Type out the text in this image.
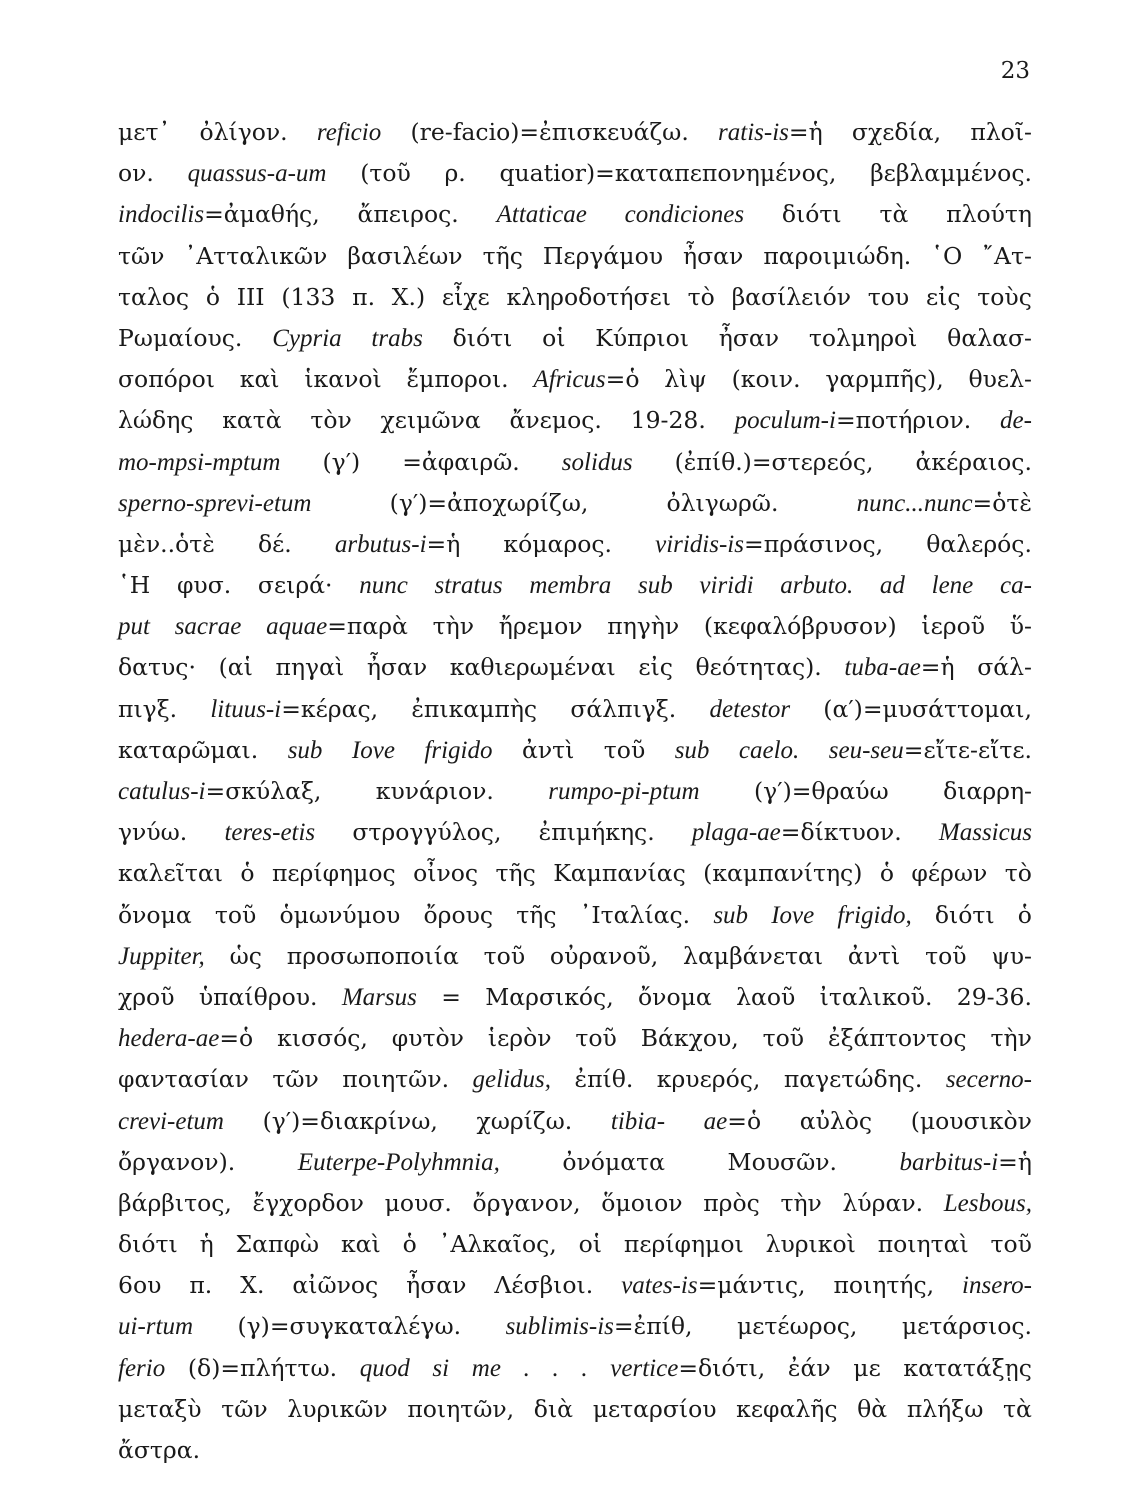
23
μετ᾿ ὀλίγον. reficio (re-facio)=ἐπισκευάζω. ratis-is=ἡ σχεδία, πλοῖ-
ον. quassus-a-um (τοῦ ρ. quatior)=καταπεπονημένος, βεβλαμμένος.
indocilis=ἀμαθής, ἄπειρος. Attaticae condiciones διότι τὰ πλούτη
τῶν ᾿Ατταλικῶν βασιλέων τῆς Περγάμου ἦσαν παροιμιώδη. ῾Ο ῎Ατ-
ταλος ὁ III (133 π. Χ.) εἶχε κληροδοτήσει τὸ βασίλειόν του εἰς τοὺς
Ρωμαίους. Cypria trabs διότι οἱ Κύπριοι ἦσαν τολμηροὶ θαλασ-
σοπόροι καὶ ἱκανοὶ ἔμποροι. Africus=ὁ λὶψ (κοιν. γαρμπῆς), θυελ-
λώδης κατὰ τὸν χειμῶνα ἄνεμος. 19-28. poculum-i=ποτήριον. de-
mo-mpsi-mptum (γ′) =ἀφαιρῶ. solidus (ἐπίθ.)=στερεός, ἀκέραιος.
sperno-sprevi-etum	(γ′)=ἀποχωρίζω,	ὀλιγωρῶ.	nunc...nunc=ὁτὲ
μὲν..ὁτὲ δέ. arbutus-i=ἡ κόμαρος. viridis-is=πράσινος, θαλερός.
῾Η φυσ. σειρά· nunc stratus membra sub viridi arbuto. ad lene ca-
put sacrae aquae=παρὰ τὴν ἤρεμον πηγὴν (κεφαλόβρυσον) ἱεροῦ ὕ-
δατυς· (αἱ πηγαὶ ἦσαν καθιερωμέναι εἰς θεότητας). tuba-ae=ἡ σάλ-
πιγξ. lituus-i=κέρας, ἐπικαμπὴς σάλπιγξ. detestor (α′)=μυσάττομαι,
καταρῶμαι. sub Iove frigido ἀντὶ τοῦ sub caelo. seu-seu=εἴτε-εἴτε.
catulus-i=σκύλαξ, κυνάριον. rumpo-pi-ptum (γ′)=θραύω διαρρη-
γνύω. teres-etis στρογγύλος, ἐπιμήκης. plaga-ae=δίκτυον. Massicus
καλεῖται ὁ περίφημος οἶνος τῆς Καμπανίας (καμπανίτης) ὁ φέρων τὸ
ὄνομα τοῦ ὁμωνύμου ὄρους τῆς ᾿Ιταλίας. sub Iove frigido, διότι ὁ
Juppiter, ὡς προσωποποιία τοῦ οὐρανοῦ, λαμβάνεται ἀντὶ τοῦ ψυ-
χροῦ ὑπαίθρου. Marsus = Μαρσικός, ὄνομα λαοῦ ἰταλικοῦ. 29-36.
hedera-ae=ὁ κισσός, φυτὸν ἱερὸν τοῦ Βάκχου, τοῦ ἐξάπτοντος τὴν
φαντασίαν τῶν ποιητῶν. gelidus, ἐπίθ. κρυερός, παγετώδης. secerno-
crevi-etum (γ′)=διακρίνω, χωρίζω. tibia- ae=ὁ αὐλὸς (μουσικὸν
ὄργανον).	Euterpe-Polyhmnia,	ὀνόματα	Μουσῶν.	barbitus-i=ἡ
βάρβιτος, ἔγχορδον μουσ. ὄργανον, ὅμοιον πρὸς τὴν λύραν. Lesbous,
διότι ἡ Σαπφὼ καὶ ὁ ᾿Αλκαῖος, οἱ περίφημοι λυρικοὶ ποιηταὶ τοῦ
6ου π. Χ. αἰῶνος ἦσαν Λέσβιοι. vates-is=μάντις, ποιητής, insero-
ui-rtum (γ)=συγκαταλέγω. sublimis-is=ἐπίθ, μετέωρος, μετάρσιος.
ferio (δ)=πλήττω. quod si me . . . vertice=διότι, ἐάν με κατατάξῃς
μεταξὺ τῶν λυρικῶν ποιητῶν, διὰ μεταρσίου κεφαλῆς θὰ πλήξω τὰ
ἄστρα.
